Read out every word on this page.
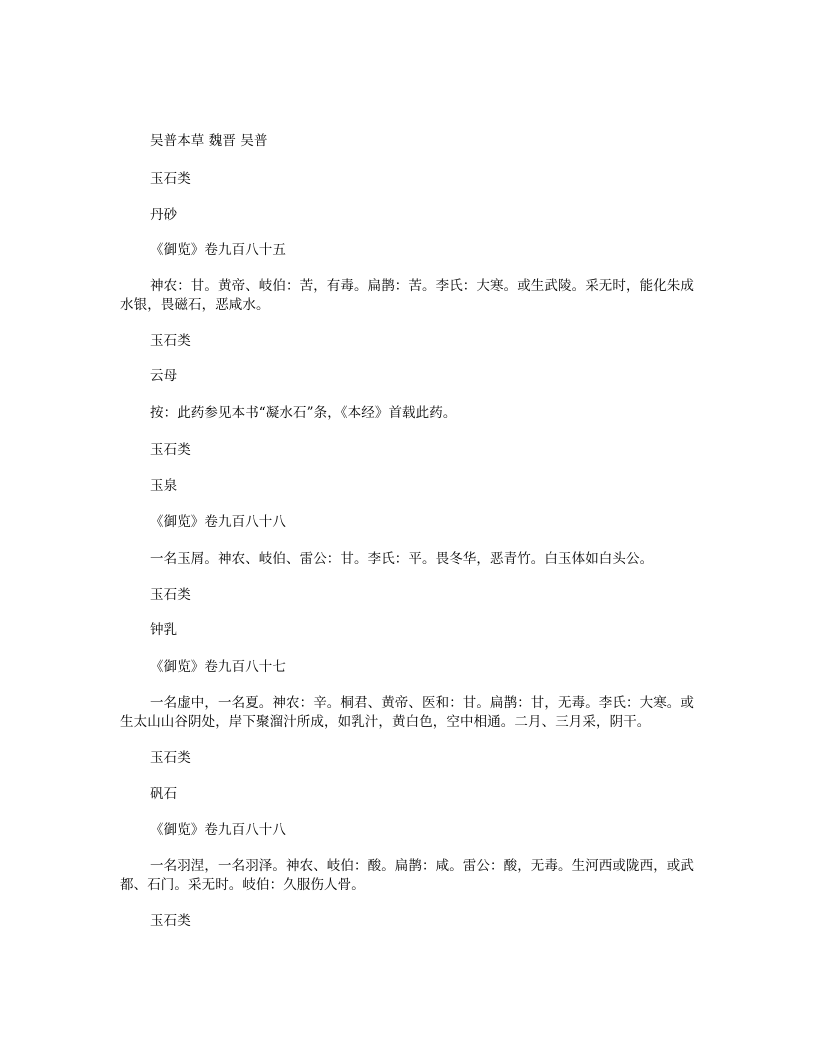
吴普本草 魏晋 吴普

玉石类

丹砂

《御览》卷九百八十五

神农：甘。黄帝、岐伯：苦，有毒。扁鹊：苦。李氏：大寒。或生武陵。采无时，能化朱成水银，畏磁石，恶咸水。

玉石类

云母

按：此药参见本书“凝水石”条，《本经》首载此药。

玉石类

玉泉

《御览》卷九百八十八

一名玉屑。神农、岐伯、雷公：甘。李氏：平。畏冬华，恶青竹。白玉体如白头公。

玉石类

钟乳

《御览》卷九百八十七

一名虚中，一名夏。神农：辛。桐君、黄帝、医和：甘。扁鹊：甘，无毒。李氏：大寒。或生太山山谷阴处，岸下聚溜汁所成，如乳汁，黄白色，空中相通。二月、三月采，阴干。

玉石类

矾石

《御览》卷九百八十八

一名羽涅，一名羽泽。神农、岐伯：酸。扁鹊：咸。雷公：酸，无毒。生河西或陇西，或武都、石门。采无时。岐伯：久服伤人骨。

玉石类
